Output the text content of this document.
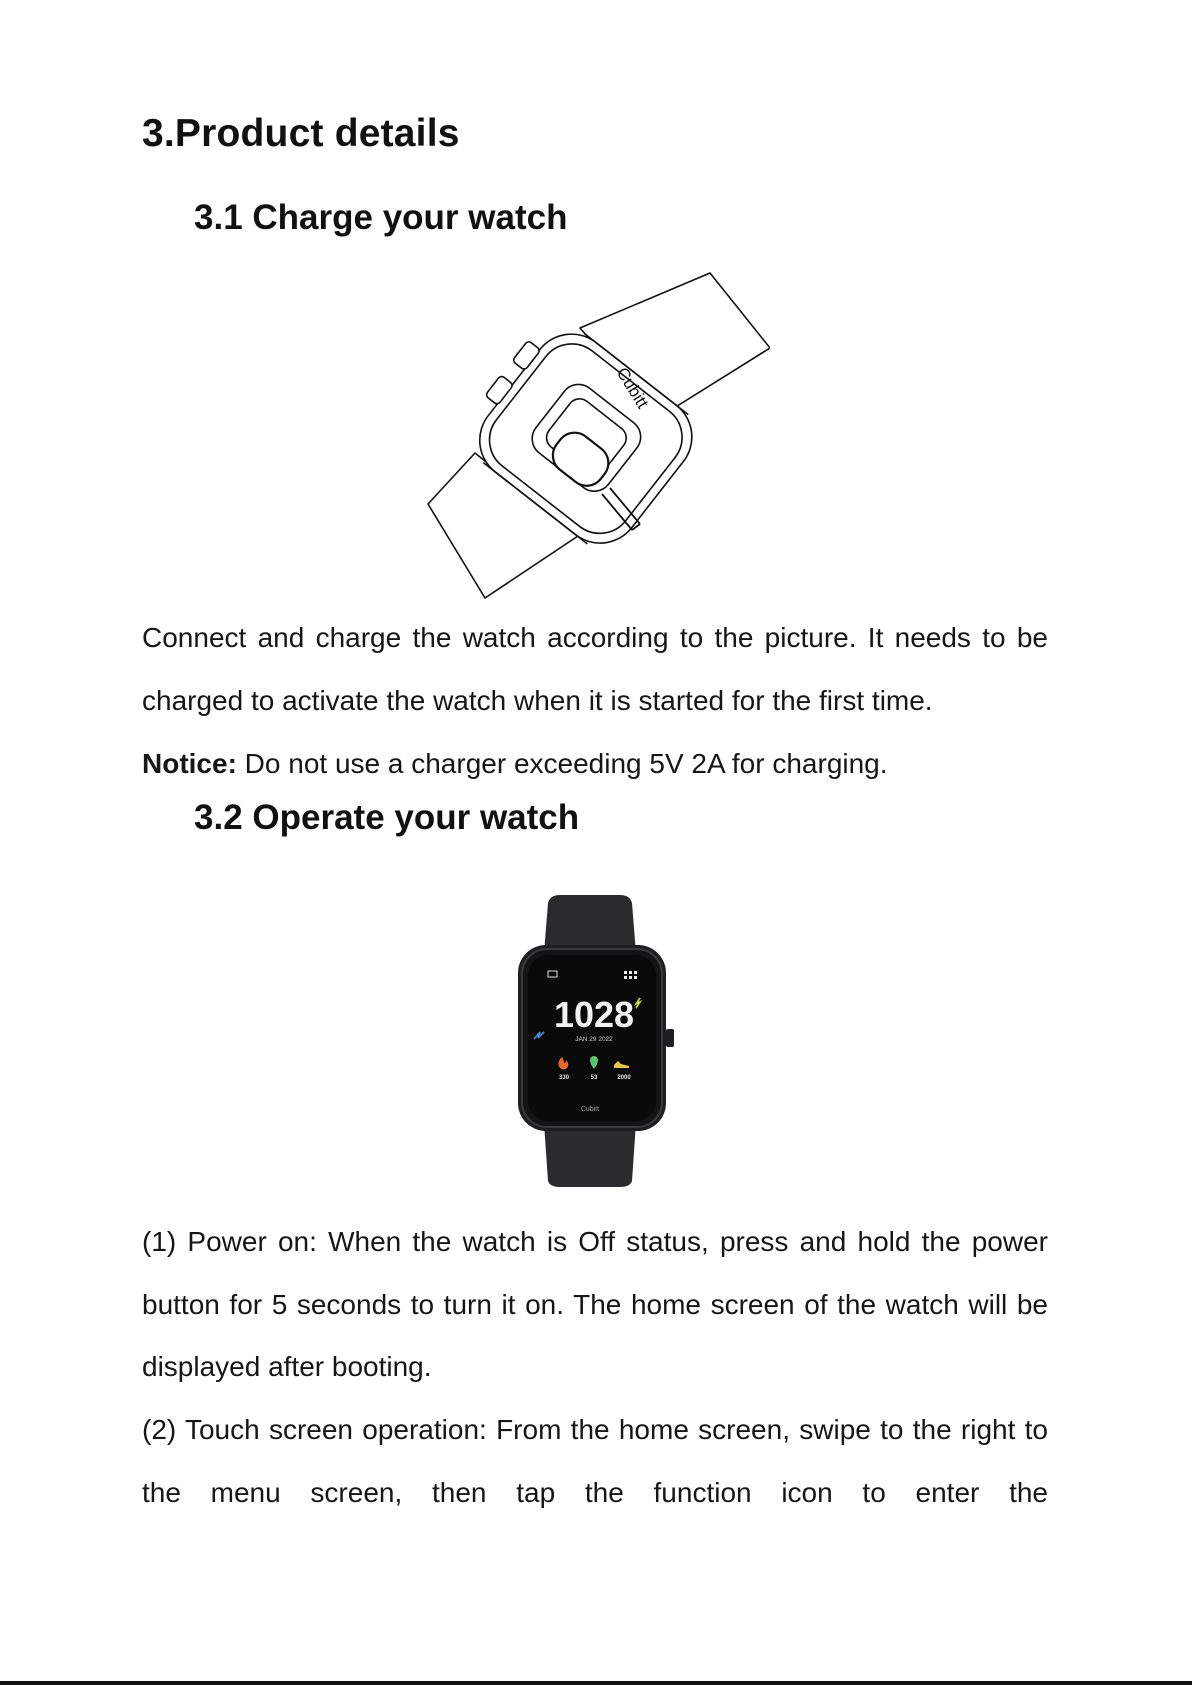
3.Product details
3.1 Charge your watch
Cubitt

Connect and charge the watch according to the picture. It needs to be charged to activate the watch when it is started for the first time.

Notice: Do not use a charger exceeding 5V 2A for charging.

3.2 Operate your watch
1028
JAN 29 2022
330	53	2000
Cubitt

(1) Power on: When the watch is Off status, press and hold the power button for 5 seconds to turn it on. The home screen of the watch will be displayed after booting.

(2) Touch screen operation: From the home screen, swipe to the right to the menu screen, then tap the function icon to enter the
